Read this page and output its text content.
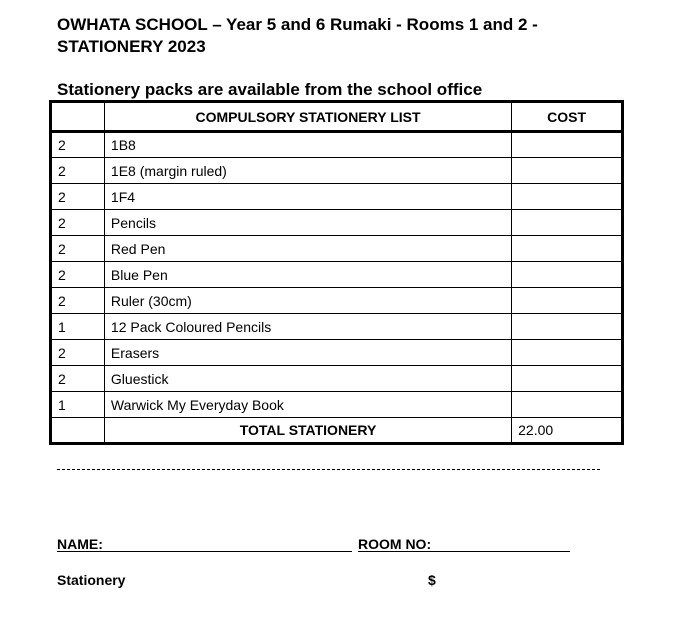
OWHATA SCHOOL – Year 5 and 6 Rumaki - Rooms 1 and 2 - STATIONERY 2023
Stationery packs are available from the school office
	COMPULSORY STATIONERY LIST	COST
2	1B8	
2	1E8 (margin ruled)	
2	1F4	
2	Pencils	
2	Red Pen	
2	Blue Pen	
2	Ruler (30cm)	
1	12 Pack Coloured Pencils	
2	Erasers	
2	Gluestick	
1	Warwick My Everyday Book	
	TOTAL STATIONERY	22.00
NAME:	ROOM NO:
Stationery	$
